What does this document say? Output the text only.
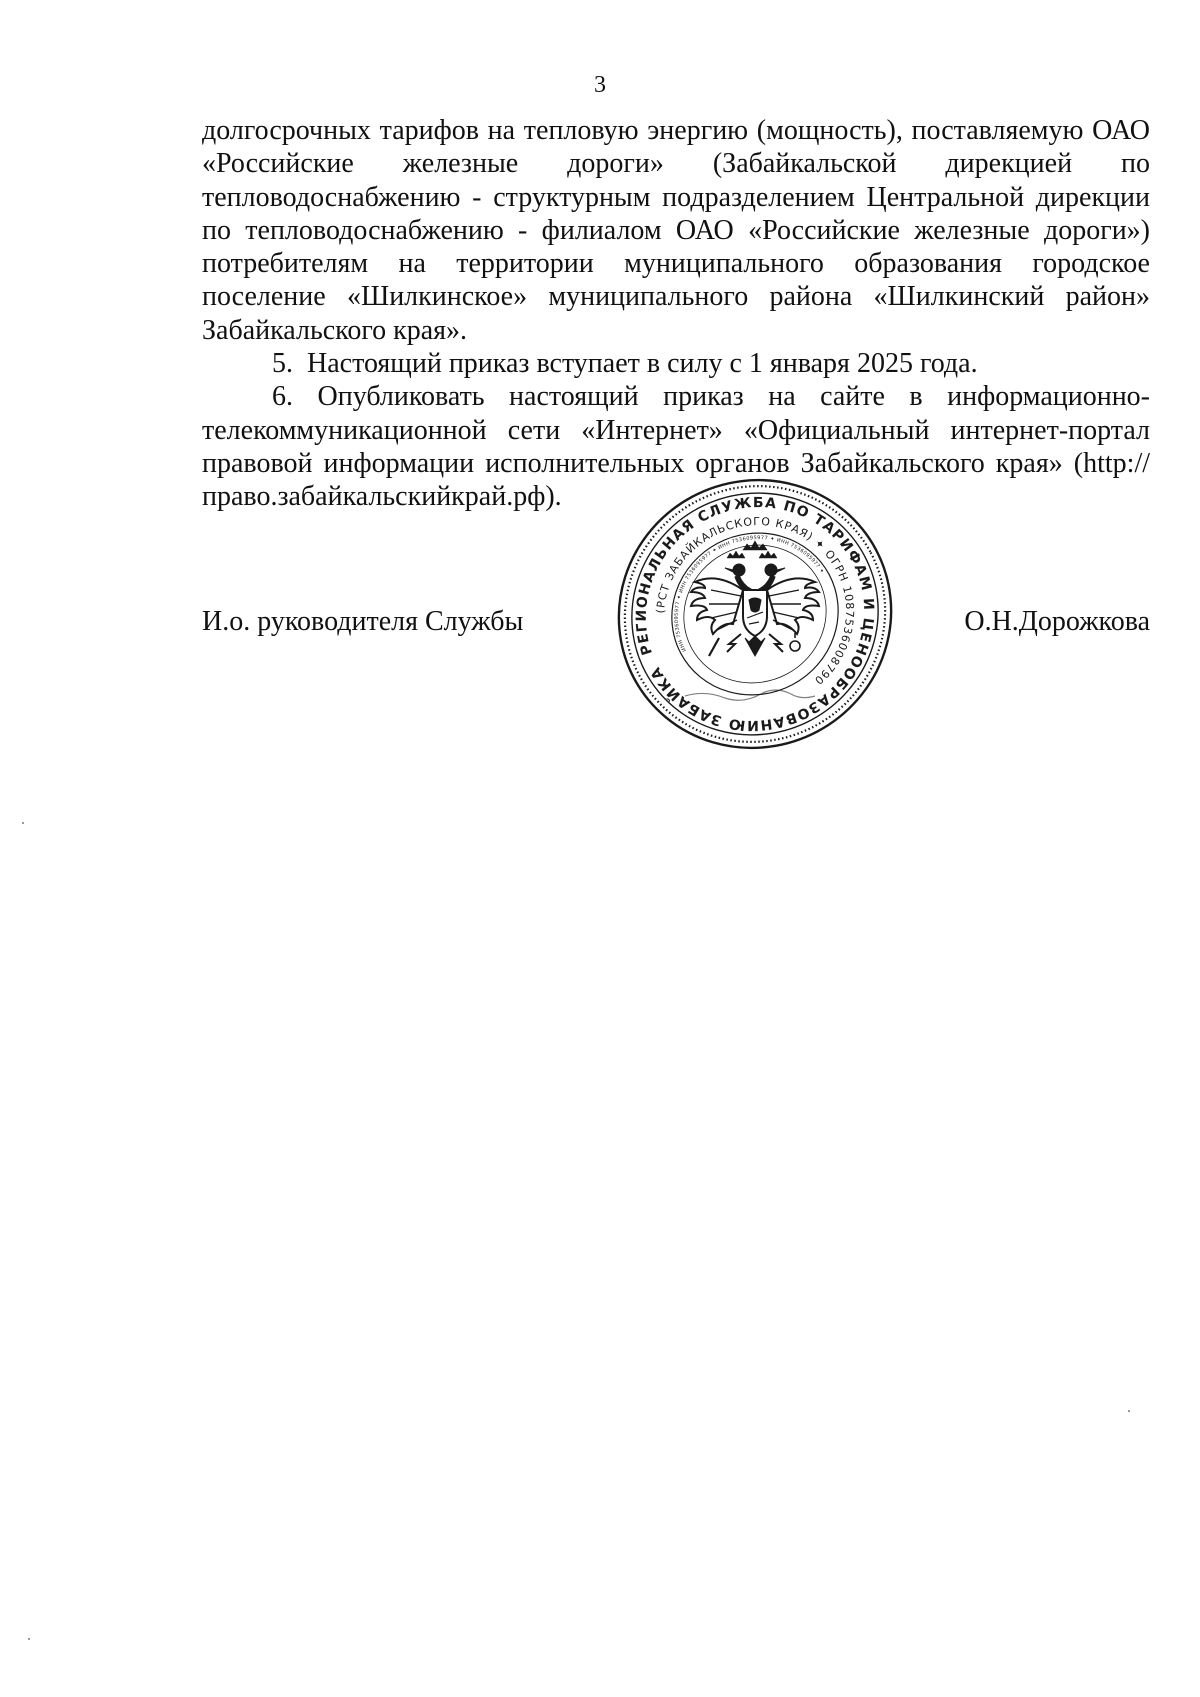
3

долгосрочных тарифов на тепловую энергию (мощность), поставляемую ОАО «Российские железные дороги» (Забайкальской дирекцией по тепловодоснабжению - структурным подразделением Центральной дирекции по тепловодоснабжению - филиалом ОАО «Российские железные дороги») потребителям на территории муниципального образования городское поселение «Шилкинское» муниципального района «Шилкинский район» Забайкальского края».

5. Настоящий приказ вступает в силу с 1 января 2025 года.

6. Опубликовать настоящий приказ на сайте в информационно-телекоммуникационной сети «Интернет» «Официальный интернет-портал правовой информации исполнительных органов Забайкальского края» (http://право.забайкальскийкрай.рф).

И.о. руководителя Службы	О.Н.Дорожкова
РЕГИОНАЛЬНАЯ СЛУЖБА ПО ТАРИФАМ И ЦЕНООБРАЗОВАНИЮ ЗАБАЙКАЛЬСКОГО
(РСТ ЗАБАЙКАЛЬСКОГО КРАЯ) ✦ ОГРН 1087536008790
ИНН 7536095977 ✦ ИНН 7536095977 ✦ ИНН 7536095977 ✦ ИНН 7536095977 ✦
